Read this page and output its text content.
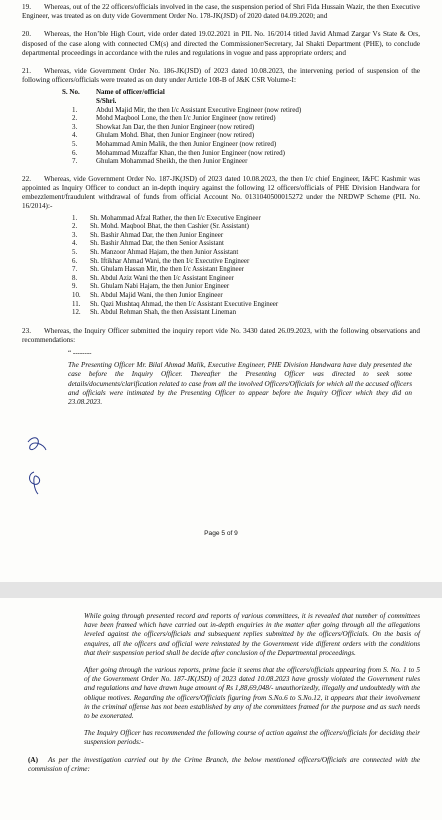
19. Whereas, out of the 22 officers/officials involved in the case, the suspension period of Shri Fida Hussain Wazir, the then Executive Engineer, was treated as on duty vide Government Order No. 178-JK(JSD) of 2020 dated 04.09.2020; and

20. Whereas, the Hon’ble High Court, vide order dated 19.02.2021 in PIL No. 16/2014 titled Javid Ahmad Zargar Vs State & Ors, disposed of the case along with connected CM(s) and directed the Commissioner/Secretary, Jal Shakti Department (PHE), to conclude departmental proceedings in accordance with the rules and regulations in vogue and pass appropriate orders; and

21. Whereas, vide Government Order No. 186-JK(JSD) of 2023 dated 10.08.2023, the intervening period of suspension of the following officers/officials were treated as on duty under Article 108-B of J&K CSR Volume-I:

S. No.	Name of officer/official
	S/Shri.
1.	Abdul Majid Mir, the then I/c Assistant Executive Engineer (now retired)
2.	Mohd Maqbool Lone, the then I/c Junior Engineer (now retired)
3.	Showkat Jan Dar, the then Junior Engineer (now retired)
4.	Ghulam Mohd. Bhat, then Junior Engineer (now retired)
5.	Mohammad Amin Malik, the then Junior Engineer (now retired)
6.	Mohammad Muzaffar Khan, the then Junior Engineer (now retired)
7.	Ghulam Mohammad Sheikh, the then Junior Engineer

22. Whereas, vide Government Order No. 187-JK(JSD) of 2023 dated 10.08.2023, the then I/c chief Engineer, I&FC Kashmir was appointed as Inquiry Officer to conduct an in-depth inquiry against the following 12 officers/officials of PHE Division Handwara for embezzlement/fraudulent withdrawal of funds from official Account No. 0131040500015272 under the NRDWP Scheme (PIL No. 16/2014):-

1. Sh. Mohammad Afzal Rather, the then I/c Executive Engineer
2. Sh. Mohd. Maqbool Bhat, the then Cashier (Sr. Assistant)
3. Sh. Bashir Ahmad Dar, the then Junior Engineer
4. Sh. Bashir Ahmad Dar, the then Senior Assistant
5. Sh. Manzoor Ahmad Hajam, the then Junior Assistant
6. Sh. Iftikhar Ahmad Wani, the then I/c Executive Engineer
7. Sh. Ghulam Hassan Mir, the then I/c Assistant Engineer
8. Sh. Abdul Aziz Wani the then I/c Assistant Engineer
9. Sh. Ghulam Nabi Hajam, the then Junior Engineer
10. Sh. Abdul Majid Wani, the then Junior Engineer
11. Sh. Qazi Mushtaq Ahmad, the then I/c Assistant Executive Engineer
12. Sh. Abdul Rehman Shah, the then Assistant Lineman

23. Whereas, the Inquiry Officer submitted the inquiry report vide No. 3430 dated 26.09.2023, with the following observations and recommendations:

“ --------

The Presenting Officer Mr. Bilal Ahmad Malik, Executive Engineer, PHE Division Handwara have duly presented the case before the Inquiry Officer. Thereafter the Presenting Officer was directed to seek some details/documents/clarification related to case from all the involved Officers/Officials for which all the accused officers and officials were intimated by the Presenting Officer to appear before the Inquiry Officer which they did on 23.08.2023.

Page 5 of 9

While going through presented record and reports of various committees, it is revealed that number of committees have been framed which have carried out in-depth enquiries in the matter after going through all the allegations leveled against the officers/officials and subsequent replies submitted by the officers/Officials. On the basis of enquires, all the officers and official were reinstated by the Government vide different orders with the conditions that their suspension period shall be decide after conclusion of the Departmental proceedings.

After going through the various reports, prime facie it seems that the officers/officials appearing from S. No. 1 to 5 of the Government Order No. 187-JK(JSD) of 2023 dated 10.08.2023 have grossly violated the Government rules and regulations and have drawn huge amount of Rs 1,88,69,048/- unauthorizedly, illegally and undoubtedly with the oblique motives. Regarding the officers/Officials figuring from S.No.6 to S.No.12, it appears that their involvement in the criminal offense has not been established by any of the committees framed for the purpose and as such needs to be exonerated.

The Inquiry Officer has recommended the following course of action against the officers/officials for deciding their suspension periods:-

(A) As per the investigation carried out by the Crime Branch, the below mentioned officers/Officials are connected with the commission of crime:
